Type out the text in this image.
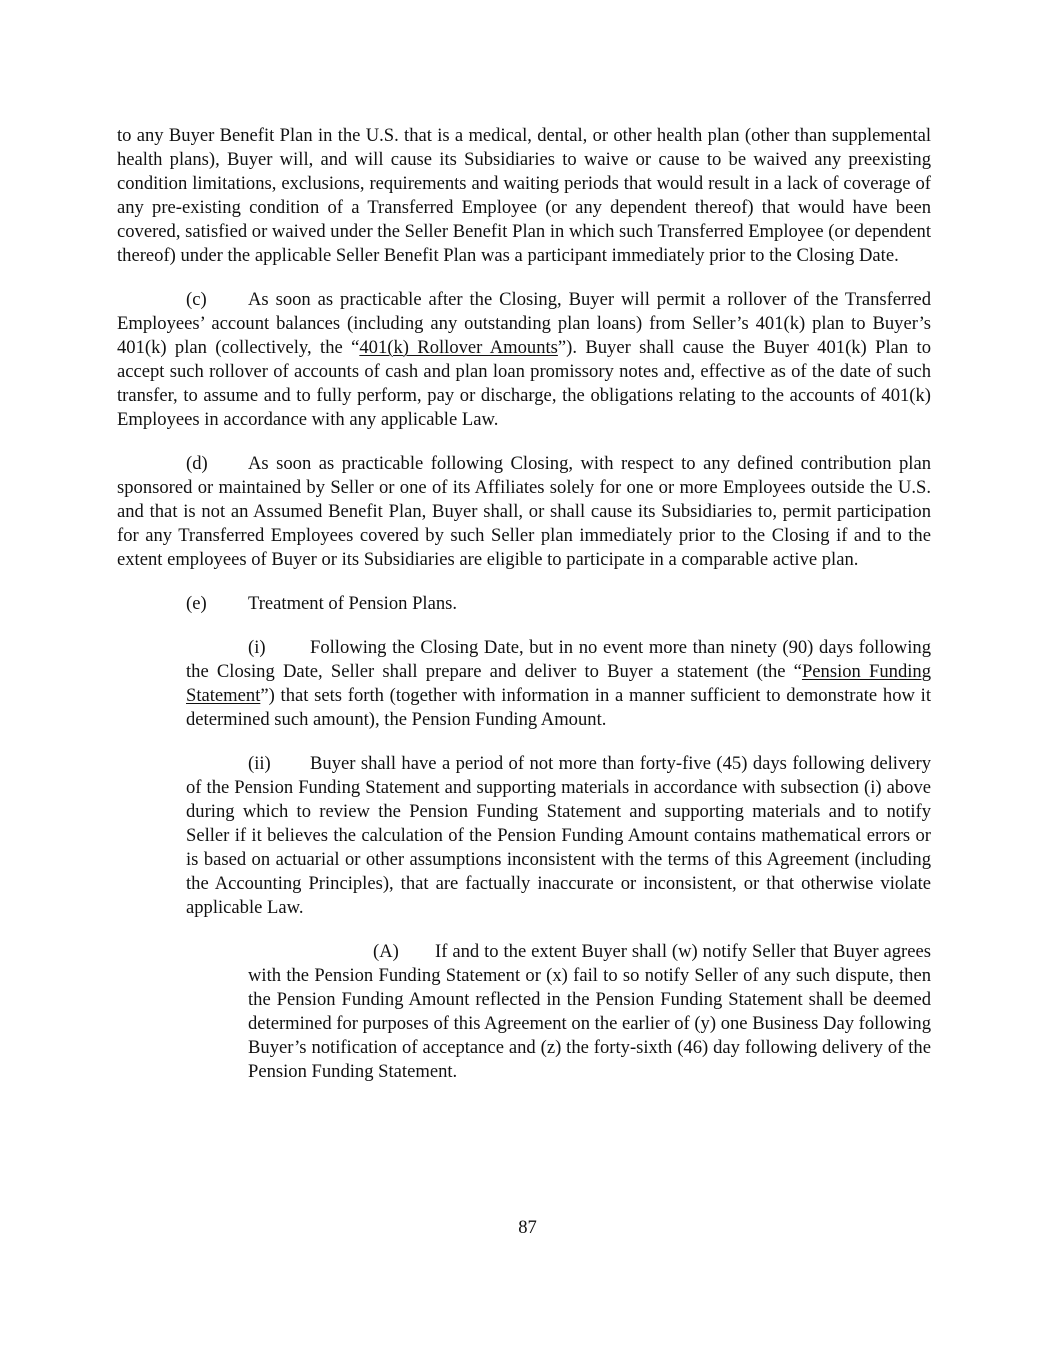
to any Buyer Benefit Plan in the U.S. that is a medical, dental, or other health plan (other than supplemental health plans), Buyer will, and will cause its Subsidiaries to waive or cause to be waived any preexisting condition limitations, exclusions, requirements and waiting periods that would result in a lack of coverage of any pre-existing condition of a Transferred Employee (or any dependent thereof) that would have been covered, satisfied or waived under the Seller Benefit Plan in which such Transferred Employee (or dependent thereof) under the applicable Seller Benefit Plan was a participant immediately prior to the Closing Date.

(c) As soon as practicable after the Closing, Buyer will permit a rollover of the Transferred Employees’ account balances (including any outstanding plan loans) from Seller’s 401(k) plan to Buyer’s 401(k) plan (collectively, the “401(k) Rollover Amounts”). Buyer shall cause the Buyer 401(k) Plan to accept such rollover of accounts of cash and plan loan promissory notes and, effective as of the date of such transfer, to assume and to fully perform, pay or discharge, the obligations relating to the accounts of 401(k) Employees in accordance with any applicable Law.

(d) As soon as practicable following Closing, with respect to any defined contribution plan sponsored or maintained by Seller or one of its Affiliates solely for one or more Employees outside the U.S. and that is not an Assumed Benefit Plan, Buyer shall, or shall cause its Subsidiaries to, permit participation for any Transferred Employees covered by such Seller plan immediately prior to the Closing if and to the extent employees of Buyer or its Subsidiaries are eligible to participate in a comparable active plan.

(e) Treatment of Pension Plans.

(i) Following the Closing Date, but in no event more than ninety (90) days following the Closing Date, Seller shall prepare and deliver to Buyer a statement (the “Pension Funding Statement”) that sets forth (together with information in a manner sufficient to demonstrate how it determined such amount), the Pension Funding Amount.

(ii) Buyer shall have a period of not more than forty-five (45) days following delivery of the Pension Funding Statement and supporting materials in accordance with subsection (i) above during which to review the Pension Funding Statement and supporting materials and to notify Seller if it believes the calculation of the Pension Funding Amount contains mathematical errors or is based on actuarial or other assumptions inconsistent with the terms of this Agreement (including the Accounting Principles), that are factually inaccurate or inconsistent, or that otherwise violate applicable Law.

(A) If and to the extent Buyer shall (w) notify Seller that Buyer agrees with the Pension Funding Statement or (x) fail to so notify Seller of any such dispute, then the Pension Funding Amount reflected in the Pension Funding Statement shall be deemed determined for purposes of this Agreement on the earlier of (y) one Business Day following Buyer’s notification of acceptance and (z) the forty-sixth (46) day following delivery of the Pension Funding Statement.

87
